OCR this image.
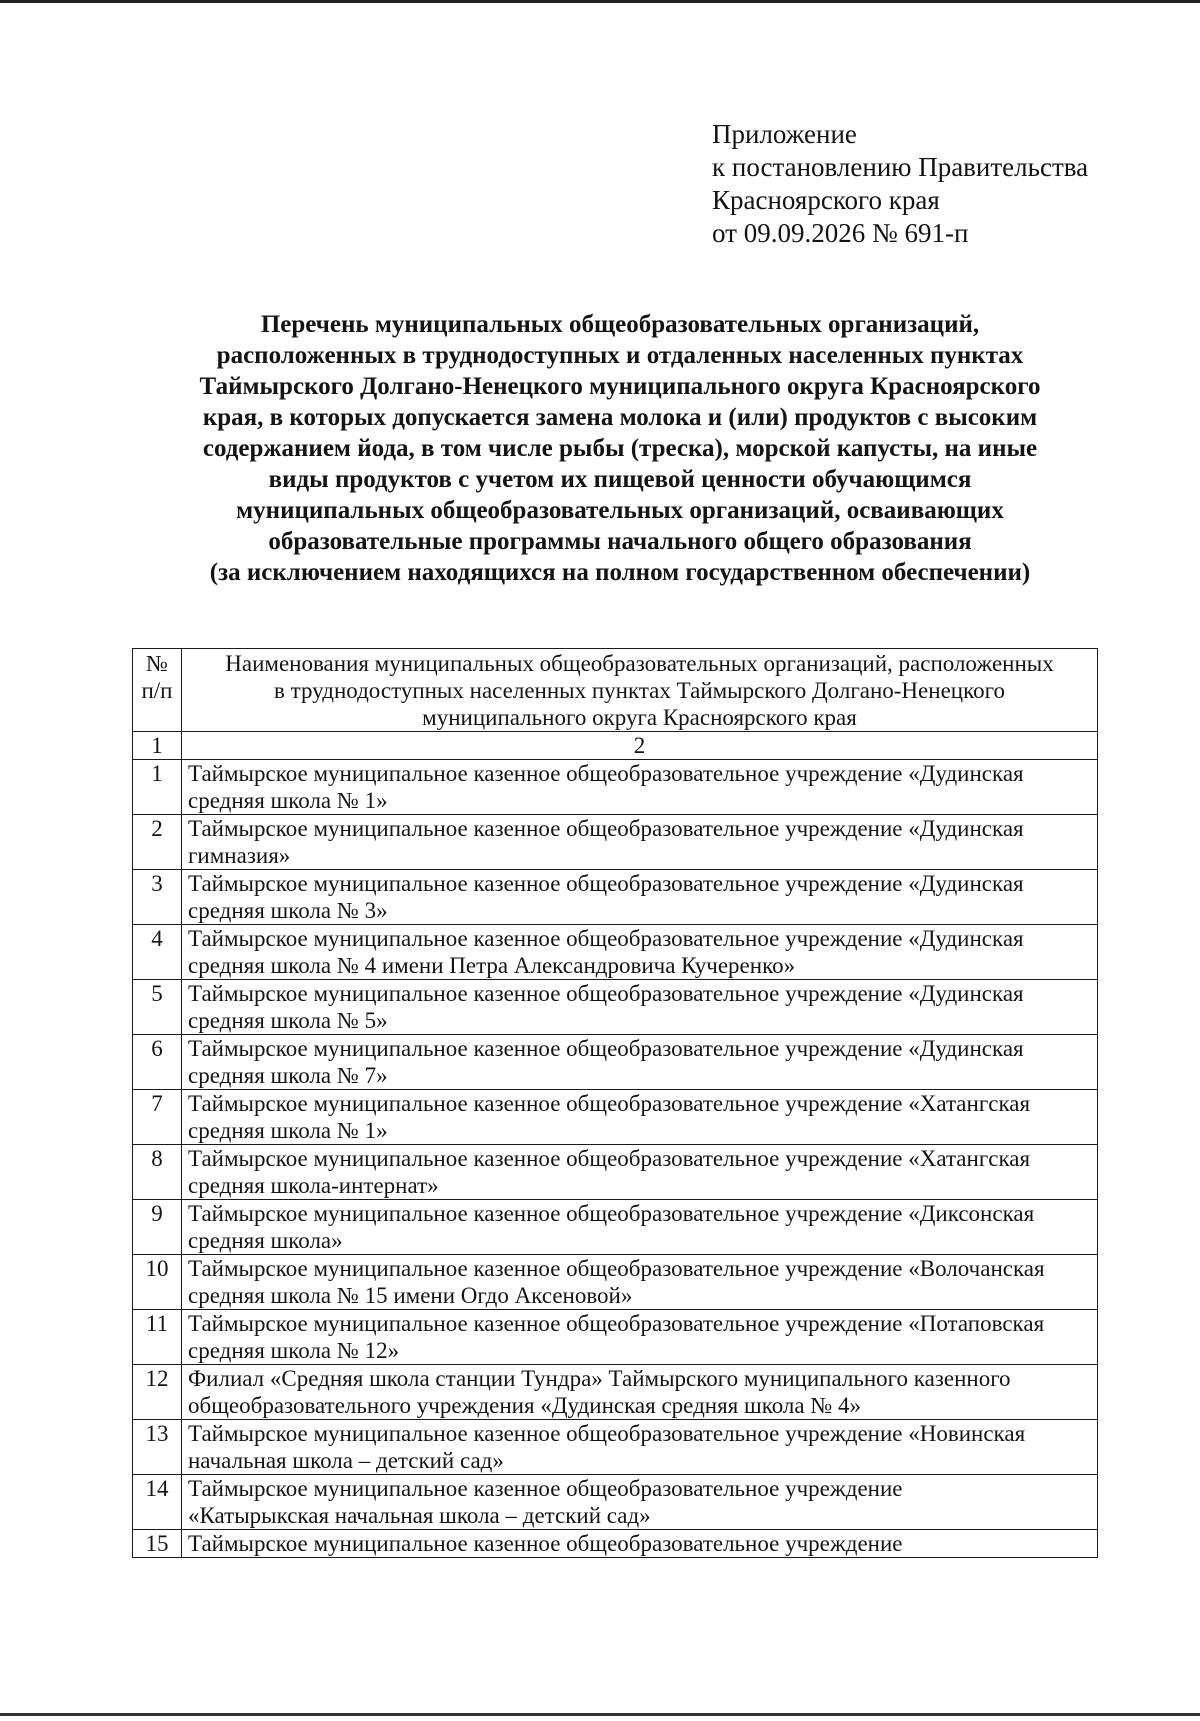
Приложение
к постановлению Правительства
Красноярского края
от 09.09.2026 № 691-п
Перечень муниципальных общеобразовательных организаций,
расположенных в труднодоступных и отдаленных населенных пунктах
Таймырского Долгано-Ненецкого муниципального округа Красноярского
края, в которых допускается замена молока и (или) продуктов с высоким
содержанием йода, в том числе рыбы (треска), морской капусты, на иные
виды продуктов с учетом их пищевой ценности обучающимся
муниципальных общеобразовательных организаций, осваивающих
образовательные программы начального общего образования
(за исключением находящихся на полном государственном обеспечении)
№
п/п	Наименования муниципальных общеобразовательных организаций, расположенных
в труднодоступных населенных пунктах Таймырского Долгано-Ненецкого
муниципального округа Красноярского края

1	2
1	Таймырское муниципальное казенное общеобразовательное учреждение «Дудинская
средняя школа № 1»

2	Таймырское муниципальное казенное общеобразовательное учреждение «Дудинская
гимназия»

3	Таймырское муниципальное казенное общеобразовательное учреждение «Дудинская
средняя школа № 3»

4	Таймырское муниципальное казенное общеобразовательное учреждение «Дудинская
средняя школа № 4 имени Петра Александровича Кучеренко»

5	Таймырское муниципальное казенное общеобразовательное учреждение «Дудинская
средняя школа № 5»

6	Таймырское муниципальное казенное общеобразовательное учреждение «Дудинская
средняя школа № 7»

7	Таймырское муниципальное казенное общеобразовательное учреждение «Хатангская
средняя школа № 1»

8	Таймырское муниципальное казенное общеобразовательное учреждение «Хатангская
средняя школа-интернат»

9	Таймырское муниципальное казенное общеобразовательное учреждение «Диксонская
средняя школа»

10	Таймырское муниципальное казенное общеобразовательное учреждение «Волочанская
средняя школа № 15 имени Огдо Аксеновой»

11	Таймырское муниципальное казенное общеобразовательное учреждение «Потаповская
средняя школа № 12»

12	Филиал «Средняя школа станции Тундра» Таймырского муниципального казенного
общеобразовательного учреждения «Дудинская средняя школа № 4»

13	Таймырское муниципальное казенное общеобразовательное учреждение «Новинская
начальная школа – детский сад»

14	Таймырское муниципальное казенное общеобразовательное учреждение
«Катырыкская начальная школа – детский сад»

15	Таймырское муниципальное казенное общеобразовательное учреждение
